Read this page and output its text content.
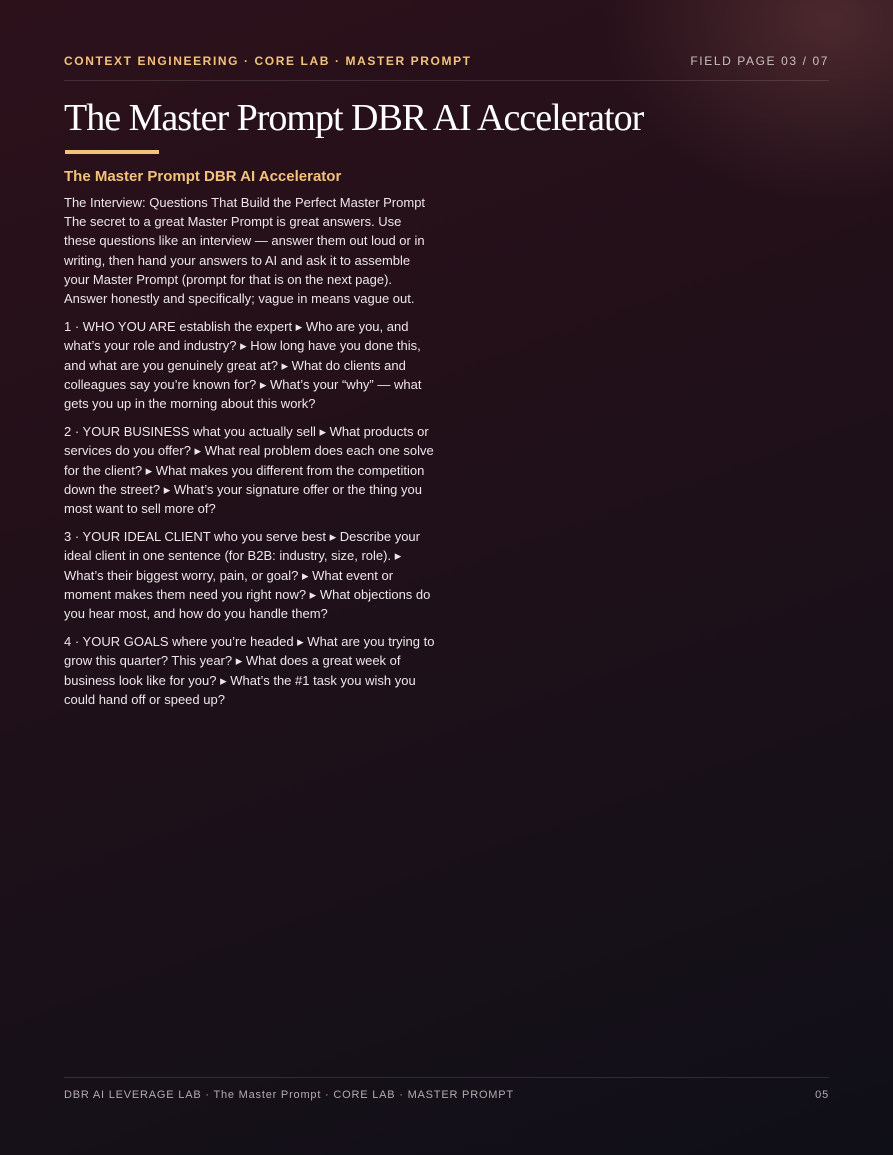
CONTEXT ENGINEERING · CORE LAB · MASTER PROMPT	FIELD PAGE 03 / 07
The Master Prompt DBR AI Accelerator
The Master Prompt DBR AI Accelerator

The Interview: Questions That Build the Perfect Master Prompt The secret to a great Master Prompt is great answers. Use these questions like an interview — answer them out loud or in writing, then hand your answers to AI and ask it to assemble your Master Prompt (prompt for that is on the next page). Answer honestly and specifically; vague in means vague out.

1 · WHO YOU ARE establish the expert ▸ Who are you, and what’s your role and industry? ▸ How long have you done this, and what are you genuinely great at? ▸ What do clients and colleagues say you’re known for? ▸ What’s your “why” — what gets you up in the morning about this work?

2 · YOUR BUSINESS what you actually sell ▸ What products or services do you offer? ▸ What real problem does each one solve for the client? ▸ What makes you different from the competition down the street? ▸ What’s your signature offer or the thing you most want to sell more of?

3 · YOUR IDEAL CLIENT who you serve best ▸ Describe your ideal client in one sentence (for B2B: industry, size, role). ▸ What’s their biggest worry, pain, or goal? ▸ What event or moment makes them need you right now? ▸ What objections do you hear most, and how do you handle them?

4 · YOUR GOALS where you’re headed ▸ What are you trying to grow this quarter? This year? ▸ What does a great week of business look like for you? ▸ What’s the #1 task you wish you could hand off or speed up?

DBR AI LEVERAGE LAB · The Master Prompt · CORE LAB · MASTER PROMPT	05
